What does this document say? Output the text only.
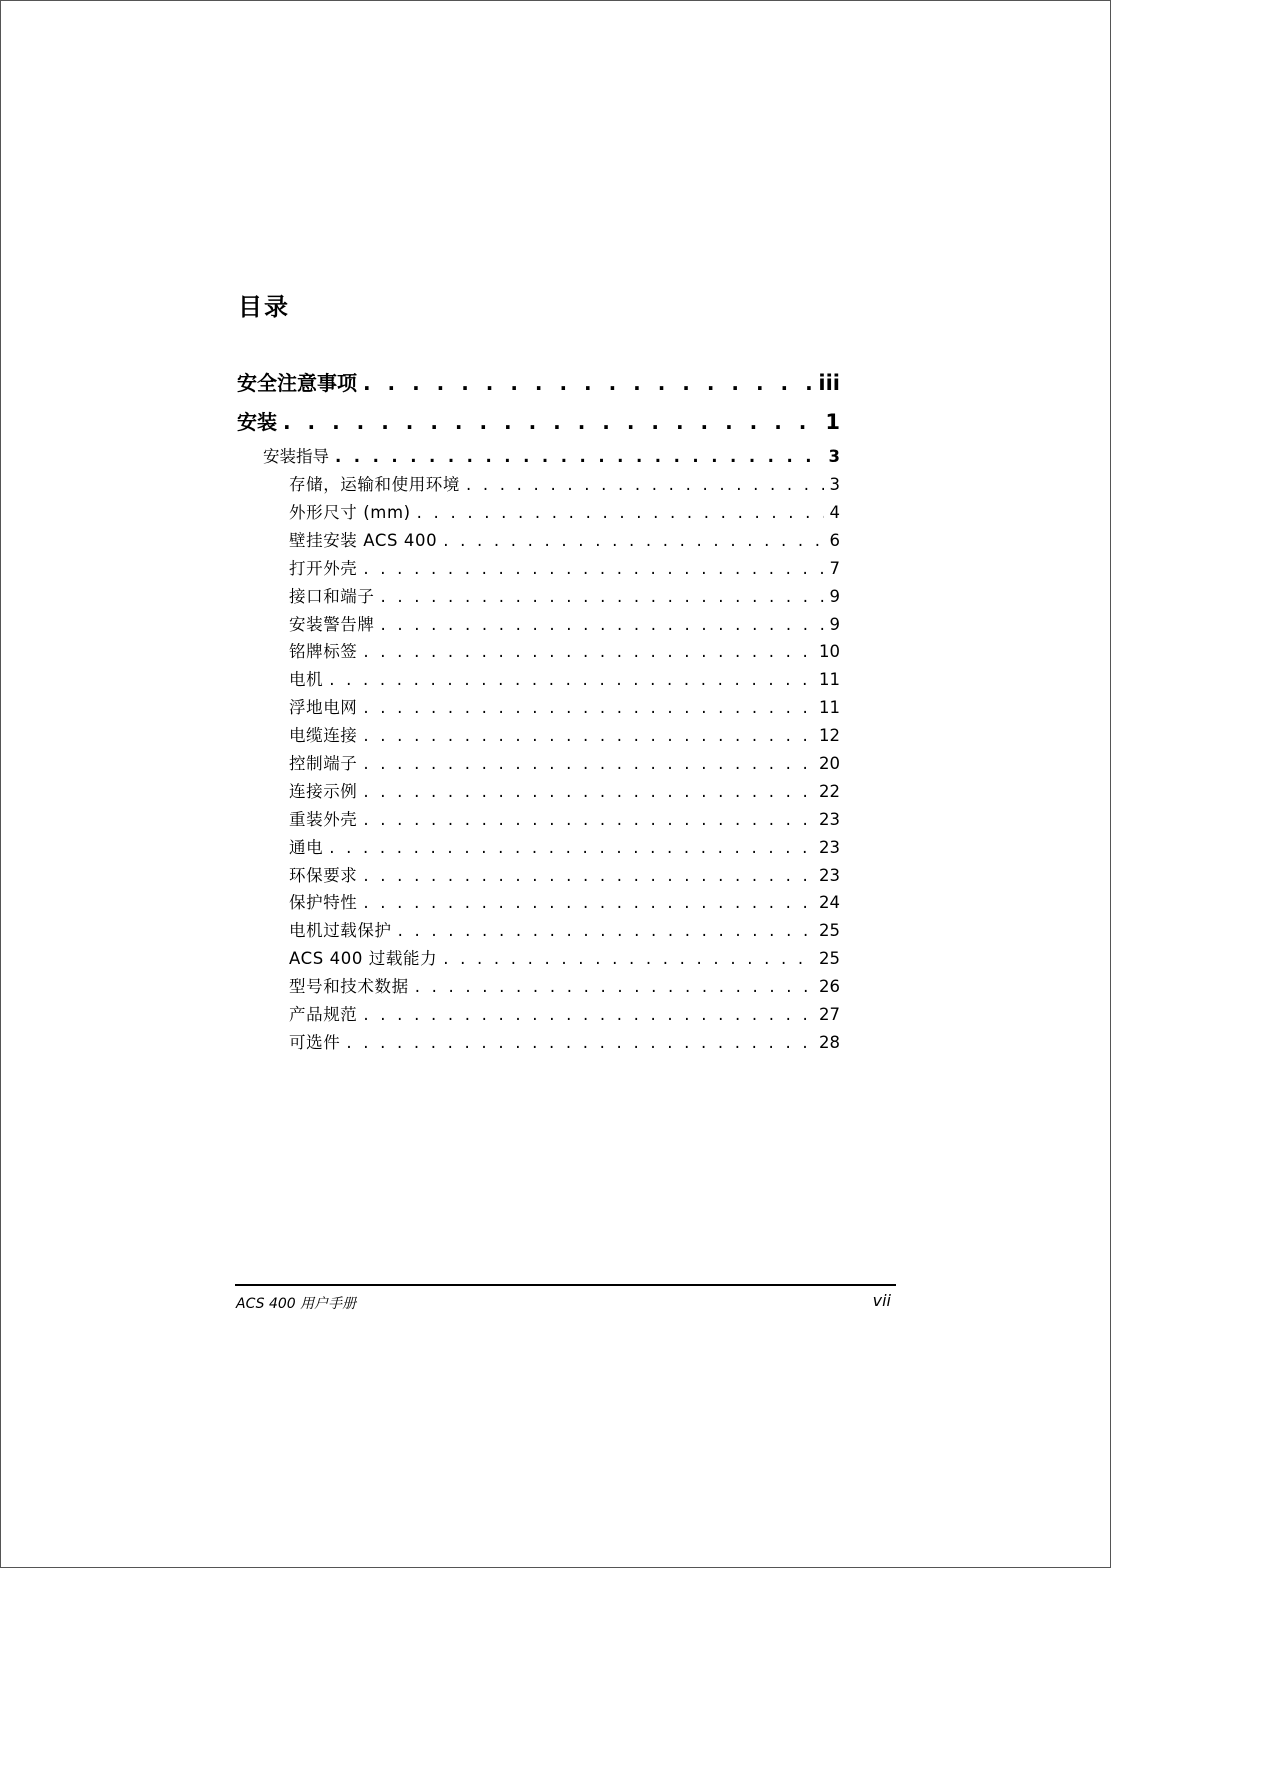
目录
安全注意事项 . . .	iii
安装 . . .	1
安装指导 . . .	3
存储，运输和使用环境 . . .	3
外形尺寸 (mm) . . .	4
壁挂安装 ACS 400 . . .	6
打开外壳 . . .	7
接口和端子 . . .	9
安装警告牌 . . .	9
铭牌标签 . . .	10
电机 . . .	11
浮地电网 . . .	11
电缆连接 . . .	12
控制端子 . . .	20
连接示例 . . .	22
重装外壳 . . .	23
通电 . . .	23
环保要求 . . .	23
保护特性 . . .	24
电机过载保护 . . .	25
ACS 400 过载能力 . . .	25
型号和技术数据 . . .	26
产品规范 . . .	27
可选件 . . .	28
ACS 400 用户手册	vii
